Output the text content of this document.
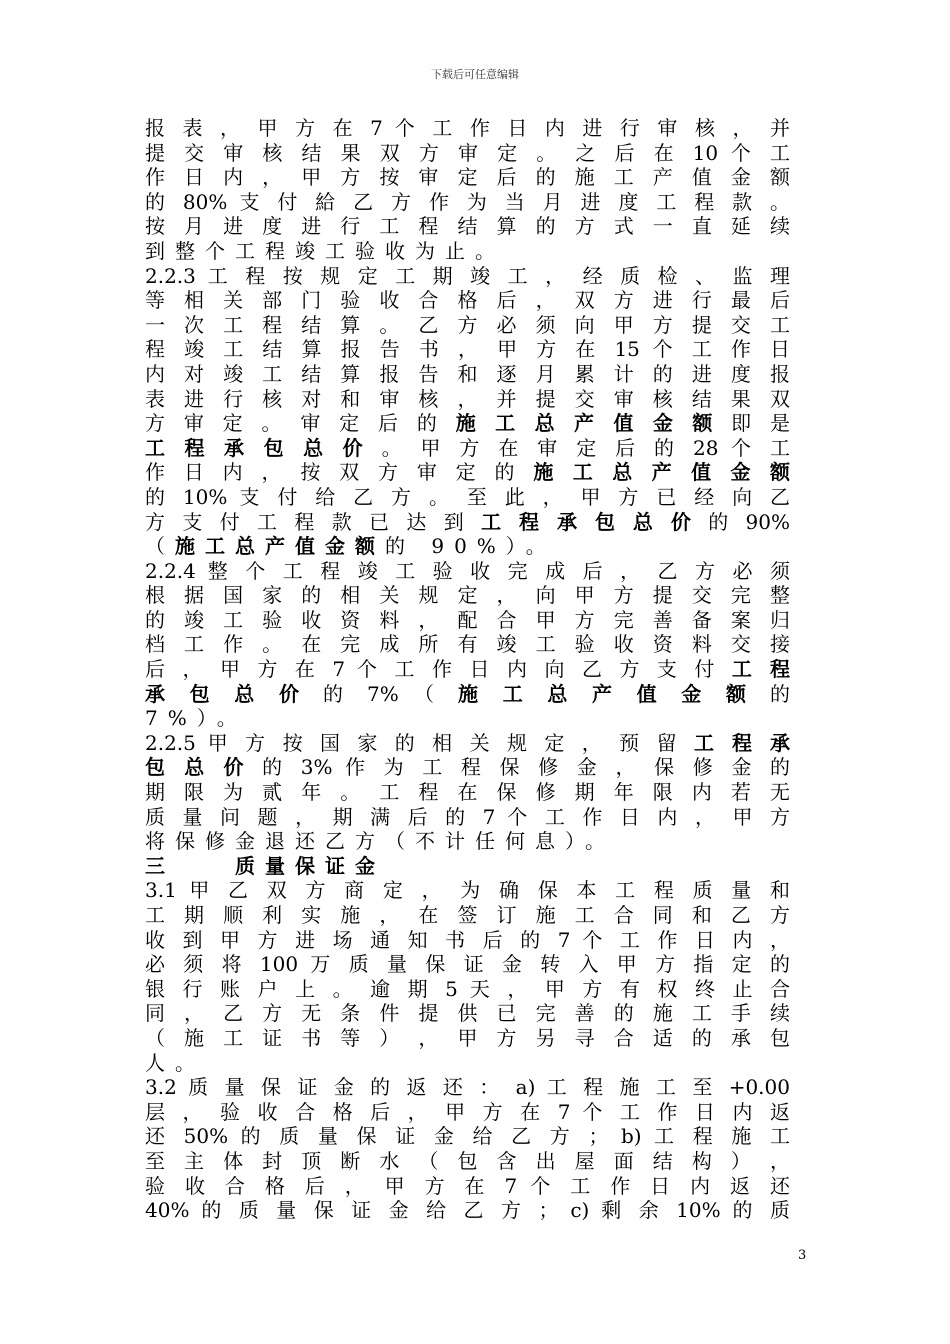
下载后可任意编辑
报 表 ， 甲 方 在 7 个 工 作 日 内 进 行 审 核 ， 并
提 交 审 核 结 果 双 方 审 定 。 之 后 在 10 个 工
作 日 内 ， 甲 方 按 审 定 后 的 施 工 产 值 金 额
的 80% 支 付 給 乙 方 作 为 当 月 进 度 工 程 款 。
按 月 进 度 进 行 工 程 结 算 的 方 式 一 直 延 续
到整个工程竣工验收为止。
2.2.3 工 程 按 规 定 工 期 竣 工 ， 经 质 检 、 监 理
等 相 关 部 门 验 收 合 格 后 ， 双 方 进 行 最 后
一 次 工 程 结 算 。 乙 方 必 须 向 甲 方 提 交 工
程 竣 工 结 算 报 告 书 ， 甲 方 在 15 个 工 作 日
内 对 竣 工 结 算 报 告 和 逐 月 累 计 的 进 度 报
表 进 行 核 对 和 审 核 ， 并 提 交 审 核 结 果 双
方 审 定 。 审 定 后 的 施 工 总 产 值 金 额 即 是
工 程 承 包 总 价 。 甲 方 在 审 定 后 的 28 个 工
作 日 内 ， 按 双 方 审 定 的 施 工 总 产 值 金 额
的 10% 支 付 给 乙 方 。 至 此 ， 甲 方 已 经 向 乙
方 支 付 工 程 款 已 达 到 工 程 承 包 总 价 的 90%
（施工总产值金额的 90%）。
2.2.4 整 个 工 程 竣 工 验 收 完 成 后 ， 乙 方 必 须
根 据 国 家 的 相 关 规 定 ， 向 甲 方 提 交 完 整
的 竣 工 验 收 资 料 ， 配 合 甲 方 完 善 备 案 归
档 工 作 。 在 完 成 所 有 竣 工 验 收 资 料 交 接
后 ， 甲 方 在 7 个 工 作 日 内 向 乙 方 支 付 工 程
承 包 总 价 的 7% （ 施 工 总 产 值 金 额 的
7%）。
2.2.5 甲 方 按 国 家 的 相 关 规 定 ， 预 留 工 程 承
包 总 价 的 3% 作 为 工 程 保 修 金 ， 保 修 金 的
期 限 为 贰 年 。 工 程 在 保 修 期 年 限 内 若 无
质 量 问 题 ， 期 满 后 的 7 个 工 作 日 内 ， 甲 方
将保修金退还乙方（不计任何息）。
三　　质量保证金
3.1 甲 乙 双 方 商 定 ， 为 确 保 本 工 程 质 量 和
工 期 顺 利 实 施 ， 在 签 订 施 工 合 同 和 乙 方
收 到 甲 方 进 场 通 知 书 后 的 7 个 工 作 日 内 ，
必 须 将 100 万 质 量 保 证 金 转 入 甲 方 指 定 的
银 行 账 户 上 。 逾 期 5 天 ， 甲 方 有 权 终 止 合
同 ， 乙 方 无 条 件 提 供 已 完 善 的 施 工 手 续
（ 施 工 证 书 等 ） ， 甲 方 另 寻 合 适 的 承 包
人。
3.2 质 量 保 证 金 的 返 还 ： a) 工 程 施 工 至 +0.00
层 ， 验 收 合 格 后 ， 甲 方 在 7 个 工 作 日 内 返
还 50% 的 质 量 保 证 金 给 乙 方 ； b) 工 程 施 工
至 主 体 封 顶 断 水 （ 包 含 出 屋 面 结 构 ） ，
验 收 合 格 后 ， 甲 方 在 7 个 工 作 日 内 返 还
40% 的 质 量 保 证 金 给 乙 方 ； c) 剩 余 10% 的 质
3
